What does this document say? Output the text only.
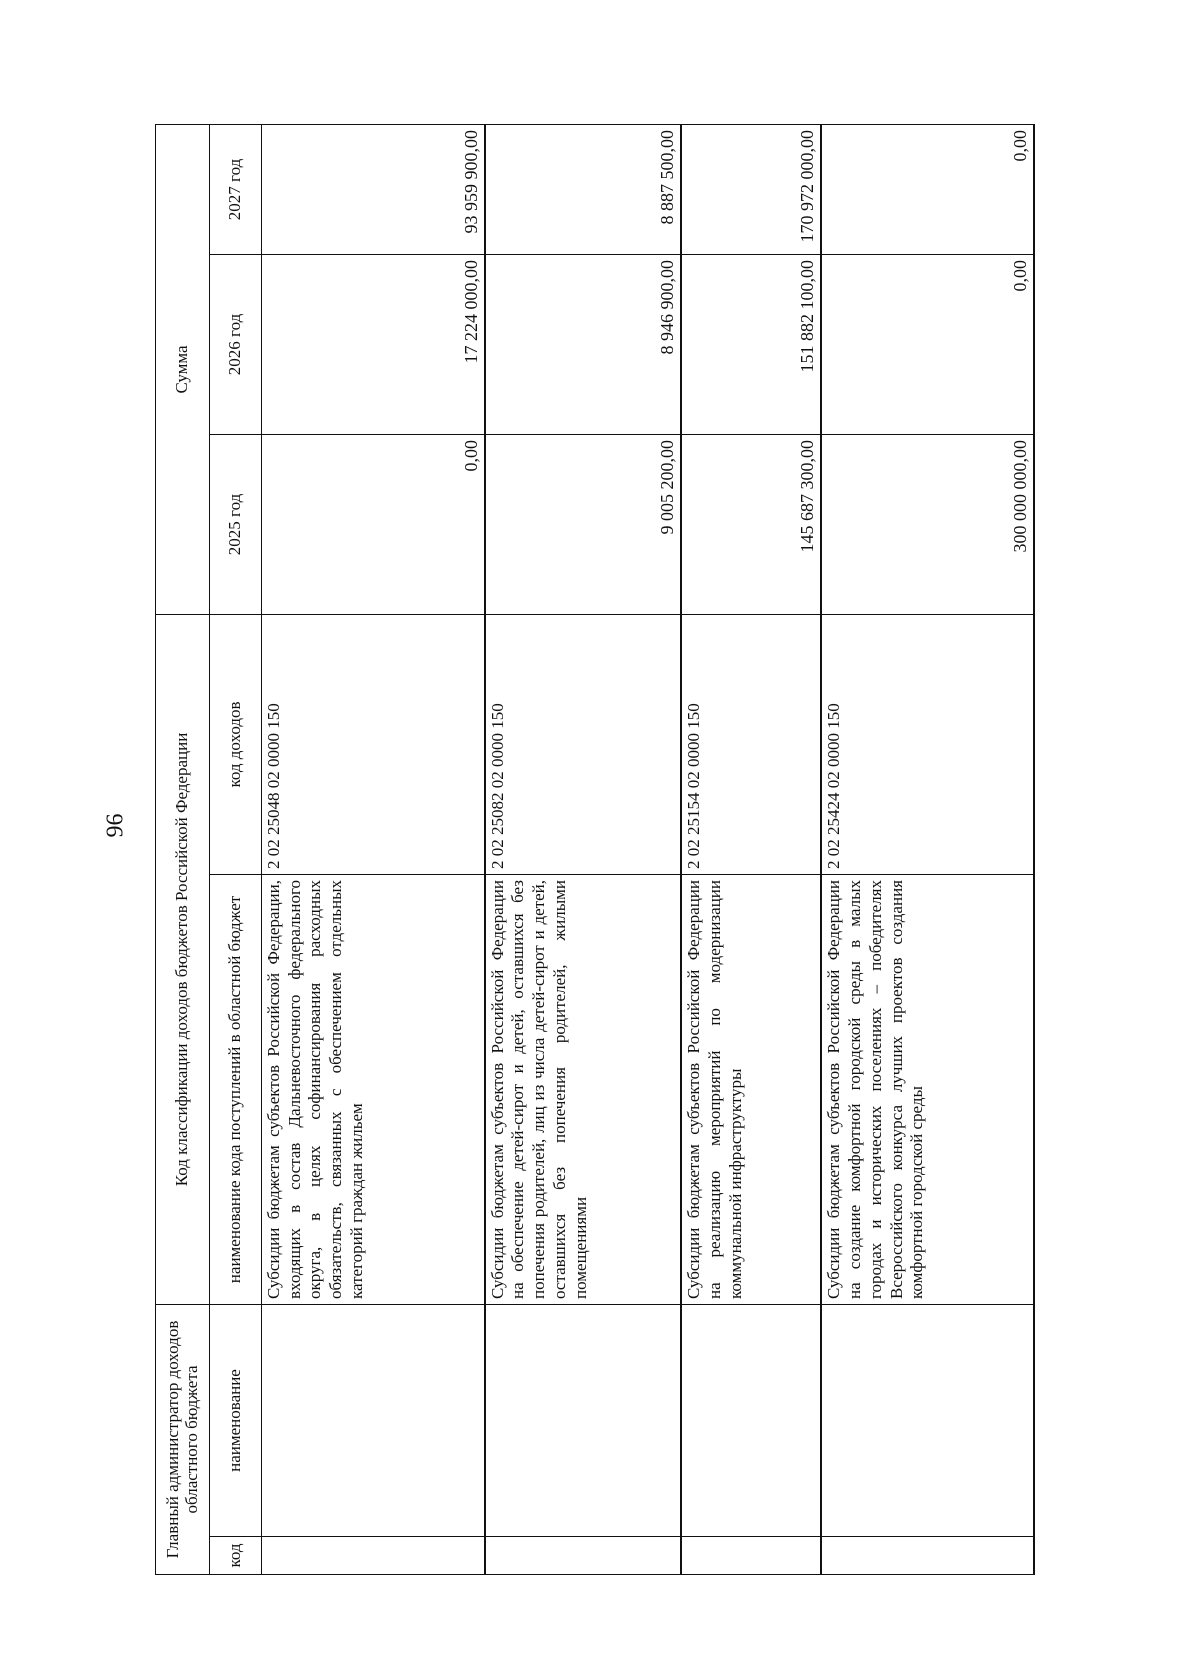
96
Главный администратор доходов областного бюджета		Код классификации доходов бюджетов Российской Федерации		Сумма		
код	наименование	наименование кода поступлений в областной бюджет	код доходов	2025 год	2026 год	2027 год
		Субсидии бюджетам субъектов Российской Федерации, входящих в состав Дальневосточного федерального округа, в целях софинансирования расходных обязательств, связанных с обеспечением отдельных категорий граждан жильем	2 02 25048 02 0000 150	0,00	17 224 000,00	93 959 900,00
		Субсидии бюджетам субъектов Российской Федерации на обеспечение детей-сирот и детей, оставшихся без попечения родителей, лиц из числа детей-сирот и детей, оставшихся без попечения родителей, жилыми помещениями	2 02 25082 02 0000 150	9 005 200,00	8 946 900,00	8 887 500,00
		Субсидии бюджетам субъектов Российской Федерации на реализацию мероприятий по модернизации коммунальной инфраструктуры	2 02 25154 02 0000 150	145 687 300,00	151 882 100,00	170 972 000,00
		Субсидии бюджетам субъектов Российской Федерации на создание комфортной городской среды в малых городах и исторических поселениях – победителях Всероссийского конкурса лучших проектов создания комфортной городской среды	2 02 25424 02 0000 150	300 000 000,00	0,00	0,00
